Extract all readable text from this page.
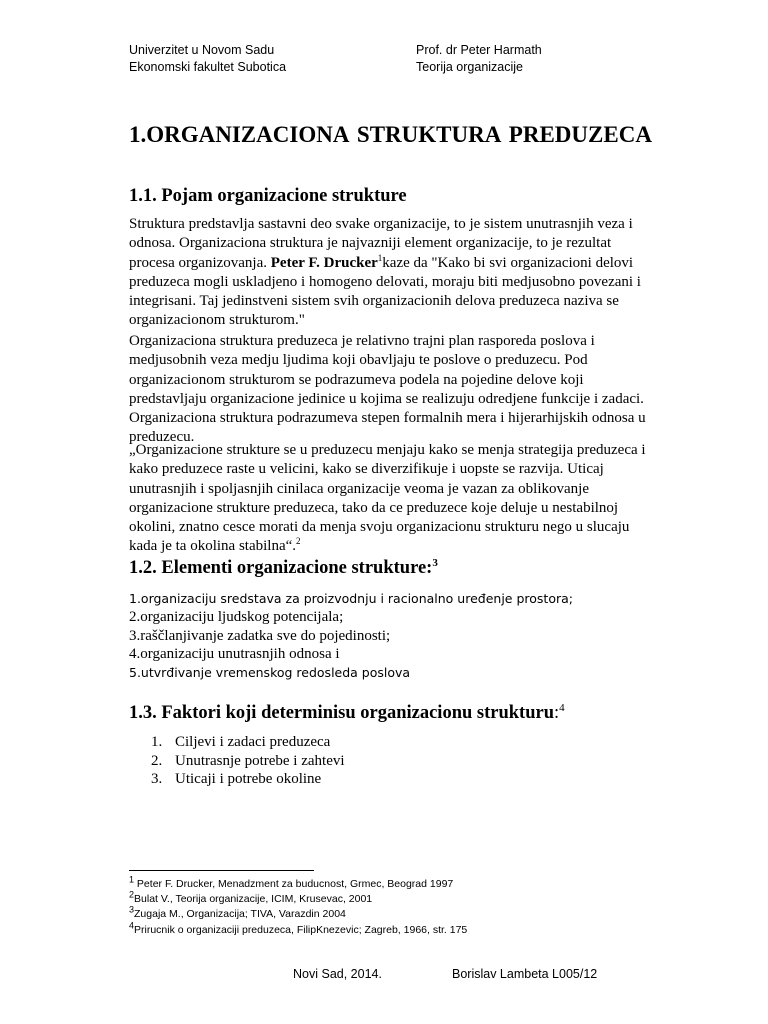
Univerzitet u Novom Sadu
Ekonomski fakultet Subotica
Prof. dr Peter Harmath
Teorija organizacije
1.ORGANIZACIONA STRUKTURA PREDUZECA
1.1. Pojam organizacione strukture
Struktura predstavlja sastavni deo svake organizacije, to je sistem unutrasnjih veza i
odnosa. Organizaciona struktura je najvazniji element organizacije, to je rezultat
procesa organizovanja. Peter F. Drucker$^1$kaze da "Kako bi svi organizacioni delovi
preduzeca mogli uskladjeno i homogeno delovati, moraju biti medjusobno povezani i
integrisani. Taj jedinstveni sistem svih organizacionih delova preduzeca naziva se
organizacionom strukturom."
Organizaciona struktura preduzeca je relativno trajni plan rasporeda poslova i
medjusobnih veza medju ljudima koji obavljaju te poslove o preduzecu. Pod
organizacionom strukturom se podrazumeva podela na pojedine delove koji
predstavljaju organizacione jedinice u kojima se realizuju odredjene funkcije i zadaci.
Organizaciona struktura podrazumeva stepen formalnih mera i hijerarhijskih odnosa u
preduzecu.
„Organizacione strukture se u preduzecu menjaju kako se menja strategija preduzeca i
kako preduzece raste u velicini, kako se diverzifikuje i uopste se razvija. Uticaj
unutrasnjih i spoljasnjih cinilaca organizacije veoma je vazan za oblikovanje
organizacione strukture preduzeca, tako da ce preduzece koje deluje u nestabilnoj
okolini, znatno cesce morati da menja svoju organizacionu strukturu nego u slucaju
kada je ta okolina stabilna“.$^2$
1.2. Elementi organizacione strukture:$^3$
1.organizaciju sredstava za proizvodnju i racionalno uređenje prostora;
2.organizaciju ljudskog potencijala;
3.raščlanjivanje zadatka sve do pojedinosti;
4.organizaciju unutrasnjih odnosa i
5.utvrđivanje vremenskog redosleda poslova
1.3. Faktori koji determinisu organizacionu strukturu:$^4$
1. Ciljevi i zadaci preduzeca
2. Unutrasnje potrebe i zahtevi
3. Uticaji i potrebe okoline
$^1$ Peter F. Drucker, Menadzment za buducnost, Grmec, Beograd 1997
$^2$Bulat V., Teorija organizacije, ICIM, Krusevac, 2001
$^3$Zugaja M., Organizacija; TIVA, Varazdin 2004
$^4$Prirucnik o organizaciji preduzeca, FilipKnezevic; Zagreb, 1966, str. 175
Novi Sad, 2014.	Borislav Lambeta L005/12
